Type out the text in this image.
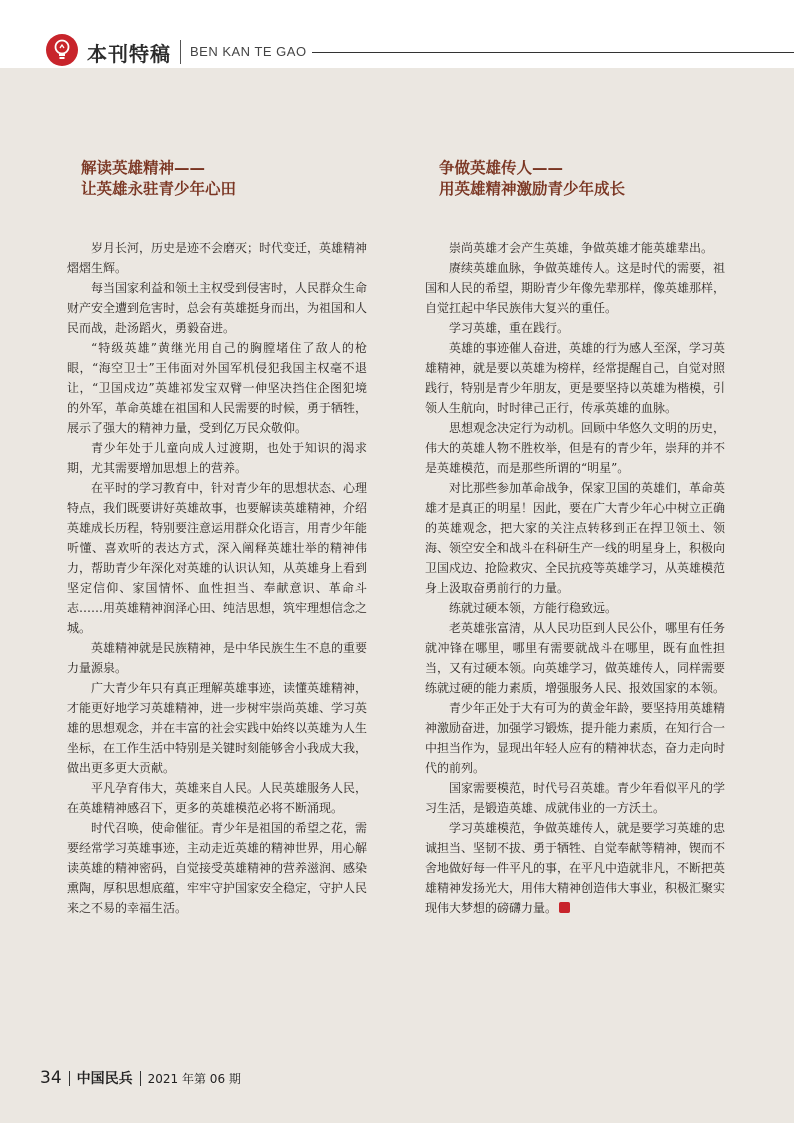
本刊特稿 BEN KAN TE GAO
解读英雄精神——
让英雄永驻青少年心田

岁月长河，历史是迹不会磨灭；时代变迁，英雄精神熠熠生辉。

每当国家利益和领土主权受到侵害时，人民群众生命财产安全遭到危害时，总会有英雄挺身而出，为祖国和人民而战，赴汤蹈火，勇毅奋进。

“特级英雄”黄继光用自己的胸膛堵住了敌人的枪眼，“海空卫士”王伟面对外国军机侵犯我国主权毫不退让，“卫国戍边”英雄祁发宝双臂一伸坚决挡住企图犯境的外军，革命英雄在祖国和人民需要的时候，勇于牺牲，展示了强大的精神力量，受到亿万民众敬仰。

青少年处于儿童向成人过渡期，也处于知识的渴求期，尤其需要增加思想上的营养。

在平时的学习教育中，针对青少年的思想状态、心理特点，我们既要讲好英雄故事，也要解读英雄精神，介绍英雄成长历程，特别要注意运用群众化语言，用青少年能听懂、喜欢听的表达方式，深入阐释英雄壮举的精神伟力，帮助青少年深化对英雄的认识认知，从英雄身上看到坚定信仰、家国情怀、血性担当、奉献意识、革命斗志……用英雄精神润泽心田、纯洁思想，筑牢理想信念之城。

英雄精神就是民族精神，是中华民族生生不息的重要力量源泉。

广大青少年只有真正理解英雄事迹，读懂英雄精神，才能更好地学习英雄精神，进一步树牢崇尚英雄、学习英雄的思想观念，并在丰富的社会实践中始终以英雄为人生坐标，在工作生活中特别是关键时刻能够舍小我成大我，做出更多更大贡献。

平凡孕育伟大，英雄来自人民。人民英雄服务人民，在英雄精神感召下，更多的英雄模范必将不断涌现。

时代召唤，使命催征。青少年是祖国的希望之花，需要经常学习英雄事迹，主动走近英雄的精神世界，用心解读英雄的精神密码，自觉接受英雄精神的营养滋润、感染熏陶，厚积思想底蕴，牢牢守护国家安全稳定，守护人民来之不易的幸福生活。

争做英雄传人——
用英雄精神激励青少年成长

崇尚英雄才会产生英雄，争做英雄才能英雄辈出。

赓续英雄血脉，争做英雄传人。这是时代的需要，祖国和人民的希望，期盼青少年像先辈那样，像英雄那样，自觉扛起中华民族伟大复兴的重任。

学习英雄，重在践行。

英雄的事迹催人奋进，英雄的行为感人至深，学习英雄精神，就是要以英雄为榜样，经常提醒自己，自觉对照践行，特别是青少年朋友，更是要坚持以英雄为楷模，引领人生航向，时时律己正行，传承英雄的血脉。

思想观念决定行为动机。回顾中华悠久文明的历史，伟大的英雄人物不胜枚举，但是有的青少年，崇拜的并不是英雄模范，而是那些所谓的“明星”。

对比那些参加革命战争，保家卫国的英雄们，革命英雄才是真正的明星！因此，要在广大青少年心中树立正确的英雄观念，把大家的关注点转移到正在捍卫领土、领海、领空安全和战斗在科研生产一线的明星身上，积极向卫国戍边、抢险救灾、全民抗疫等英雄学习，从英雄模范身上汲取奋勇前行的力量。

练就过硬本领，方能行稳致远。

老英雄张富清，从人民功臣到人民公仆，哪里有任务就冲锋在哪里，哪里有需要就战斗在哪里，既有血性担当，又有过硬本领。向英雄学习，做英雄传人，同样需要练就过硬的能力素质，增强服务人民、报效国家的本领。

青少年正处于大有可为的黄金年龄，要坚持用英雄精神激励奋进，加强学习锻炼，提升能力素质，在知行合一中担当作为，显现出年轻人应有的精神状态，奋力走向时代的前列。

国家需要模范，时代号召英雄。青少年看似平凡的学习生活，是锻造英雄、成就伟业的一方沃土。

学习英雄模范，争做英雄传人，就是要学习英雄的忠诚担当、坚韧不拔、勇于牺牲、自觉奉献等精神，锲而不舍地做好每一件平凡的事，在平凡中造就非凡，不断把英雄精神发扬光大，用伟大精神创造伟大事业，积极汇聚实现伟大梦想的磅礴力量。

34 中国民兵 2021 年第 06 期
